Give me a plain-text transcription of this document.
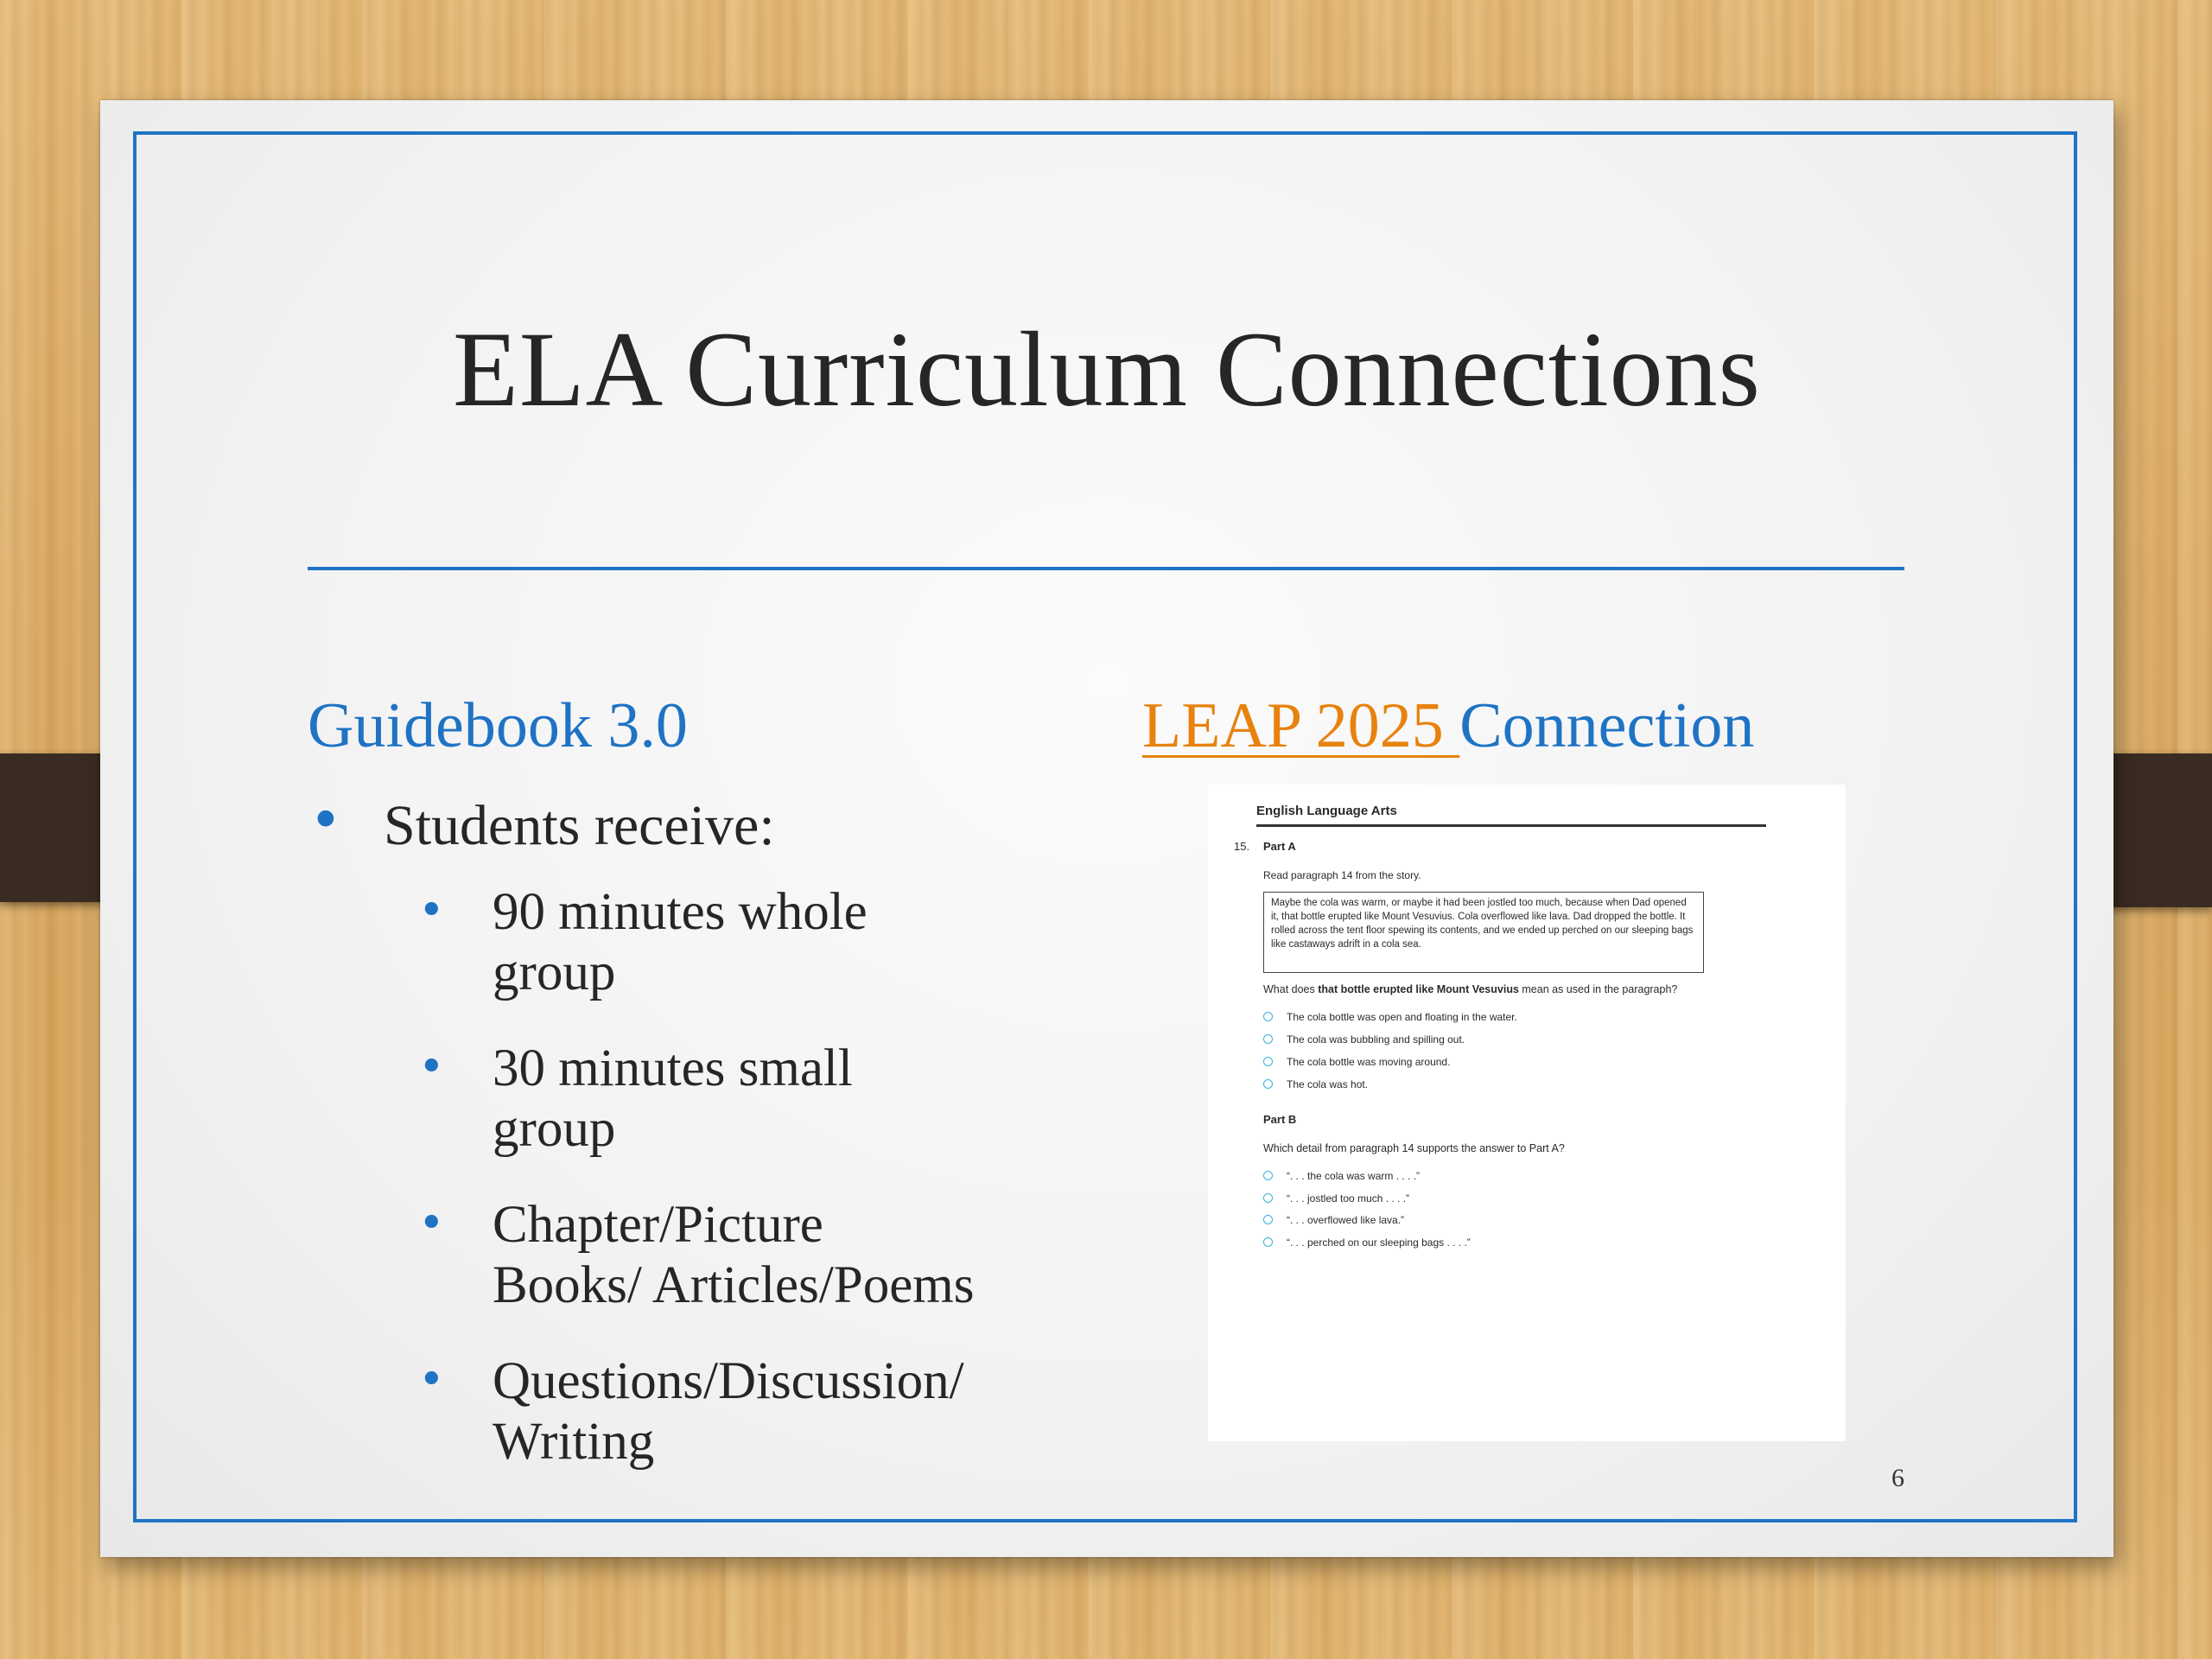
ELA Curriculum Connections
Guidebook 3.0	LEAP 2025 Connection
• Students receive:
• 90 minutes whole group
• 30 minutes small group
• Chapter/Picture Books/ Articles/Poems
• Questions/Discussion/ Writing
English Language Arts
15. Part A
Read paragraph 14 from the story.
Maybe the cola was warm, or maybe it had been jostled too much, because when Dad opened it, that bottle erupted like Mount Vesuvius. Cola overflowed like lava. Dad dropped the bottle. It rolled across the tent floor spewing its contents, and we ended up perched on our sleeping bags like castaways adrift in a cola sea.
What does that bottle erupted like Mount Vesuvius mean as used in the paragraph?
The cola bottle was open and floating in the water.
The cola was bubbling and spilling out.
The cola bottle was moving around.
The cola was hot.
Part B
Which detail from paragraph 14 supports the answer to Part A?
“. . . the cola was warm . . . .”
“. . . jostled too much . . . .”
“. . . overflowed like lava.”
“. . . perched on our sleeping bags . . . .”
6
